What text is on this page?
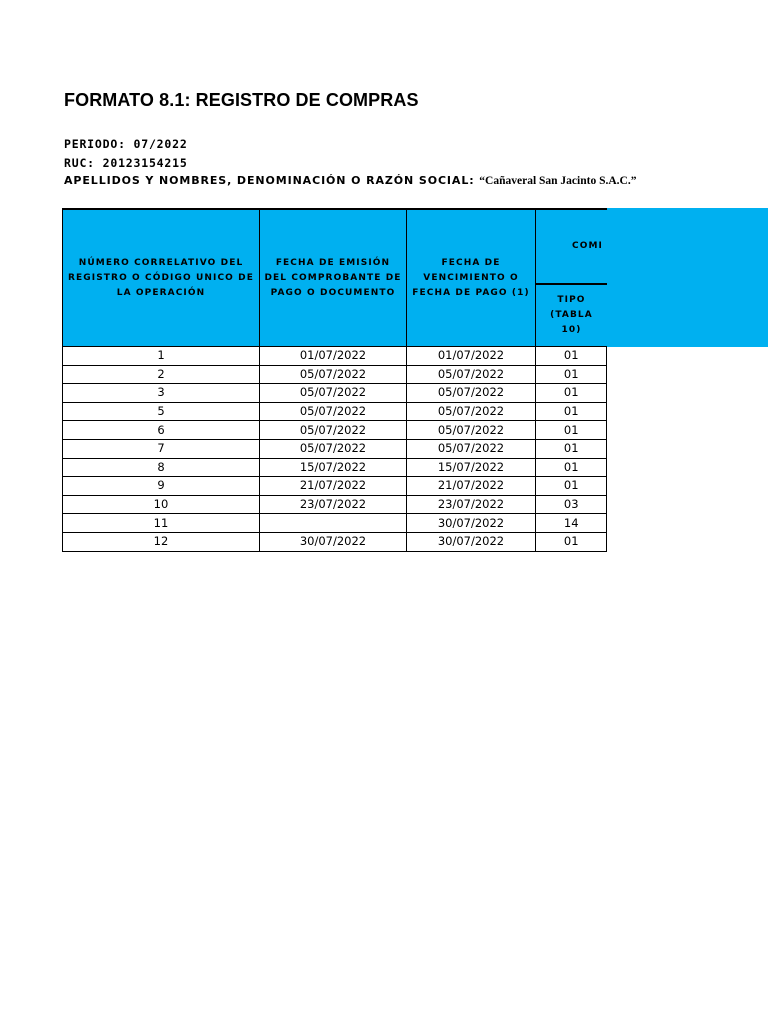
FORMATO 8.1: REGISTRO DE COMPRAS
PERIODO: 07/2022
RUC: 20123154215
APELLIDOS Y NOMBRES, DENOMINACIÓN O RAZÓN SOCIAL: “Cañaveral San Jacinto S.A.C.”
NÚMERO CORRELATIVO DEL REGISTRO O CÓDIGO UNICO DE LA OPERACIÓN	FECHA DE EMISIÓN DEL COMPROBANTE DE PAGO O DOCUMENTO	FECHA DE VENCIMIENTO O FECHA DE PAGO (1)	COMI
			TIPO (TABLA 10)
1	01/07/2022	01/07/2022	01
2	05/07/2022	05/07/2022	01
3	05/07/2022	05/07/2022	01
5	05/07/2022	05/07/2022	01
6	05/07/2022	05/07/2022	01
7	05/07/2022	05/07/2022	01
8	15/07/2022	15/07/2022	01
9	21/07/2022	21/07/2022	01
10	23/07/2022	23/07/2022	03
11		30/07/2022	14
12	30/07/2022	30/07/2022	01
